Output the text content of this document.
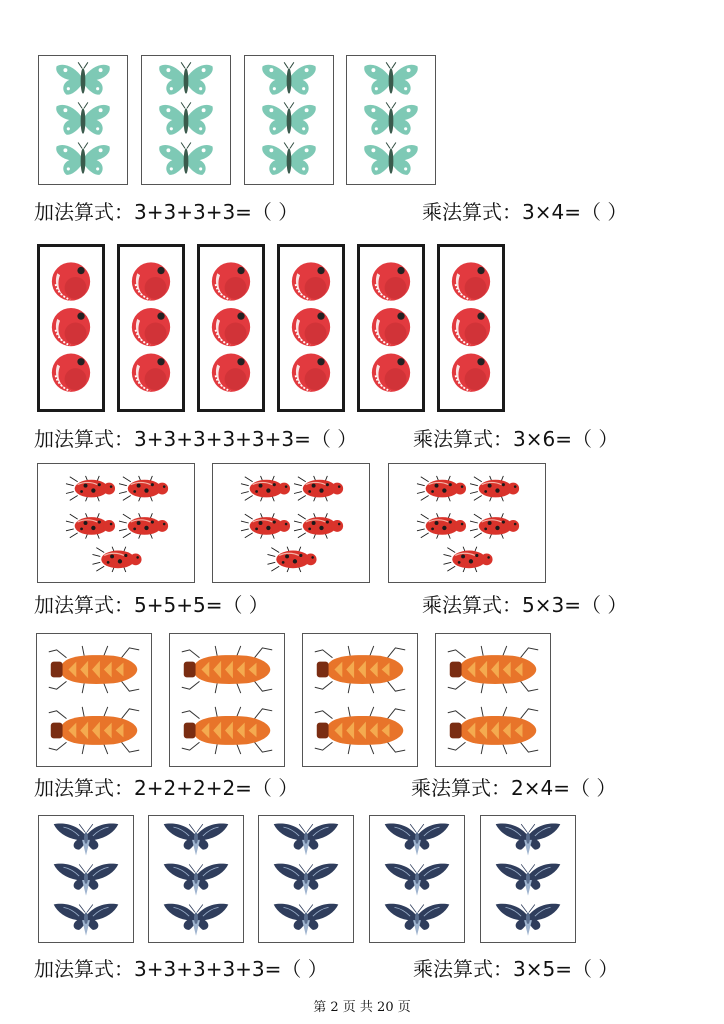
加法算式：3+3+3+3=（ ）	乘法算式：3×4=（ ）
加法算式：3+3+3+3+3+3=（ ）	乘法算式：3×6=（ ）
加法算式：5+5+5=（ ）	乘法算式：5×3=（ ）
加法算式：2+2+2+2=（ ）	乘法算式：2×4=（ ）
加法算式：3+3+3+3+3=（ ）	乘法算式：3×5=（ ）
第 2 页 共 20 页
